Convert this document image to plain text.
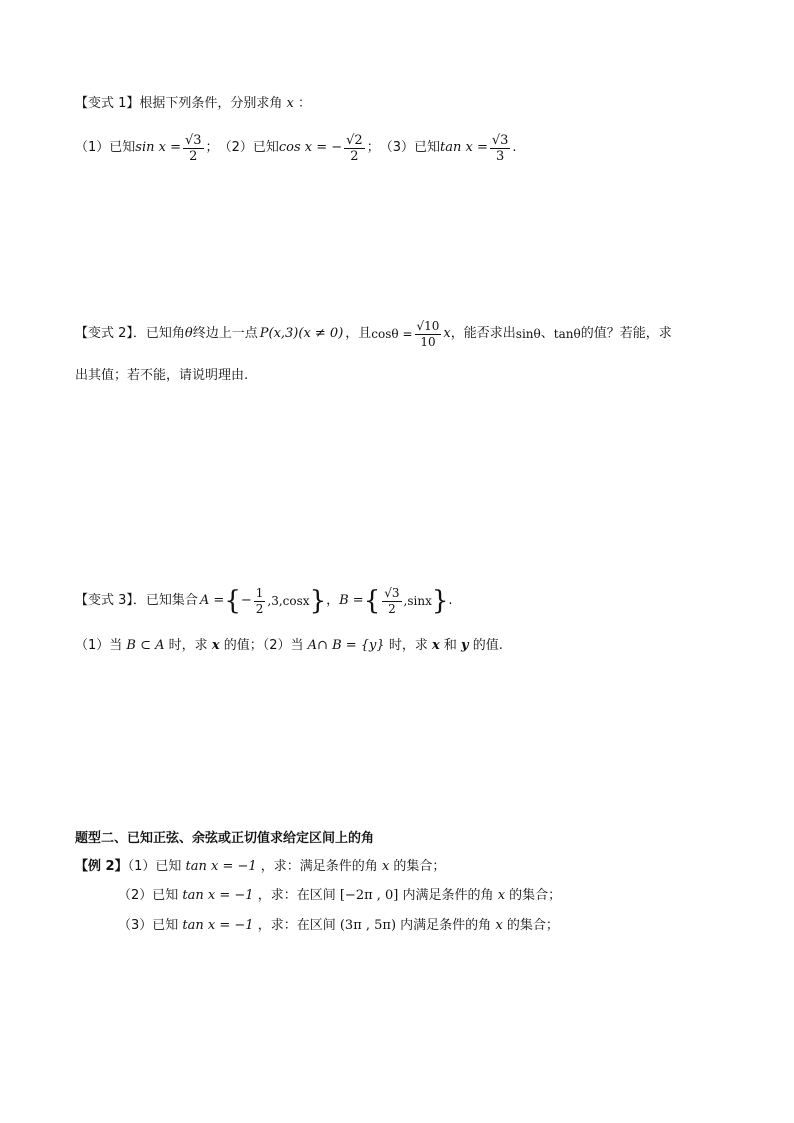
【变式 1】根据下列条件，分别求角 x ：
（1）已知 $\sin x = \frac{√3}{2}$ ； （2）已知 cos x = − $\frac{√2}{2}$ ； （3）已知 $\tan x = \frac{√3}{3}$ .
【变式 2】．已知角 θ 终边上一点 P(x,3)(x ≠ 0) ，且 $\cos\theta = \frac{√10}{10}$ x ，能否求出 sinθ 、 tanθ 的值？若能，求
出其值；若不能，请说明理由.
【变式 3】．已知集合 A = { − $\frac{1}{2} ,3,\cos x$ } ， B = { $\frac{√3}{2} ,\sin x$ } .
（1）当 B ⊂ A 时，求 x 的值；（2）当 A∩ B = {y} 时，求 x 和 y 的值.
题型二、已知正弦、余弦或正切值求给定区间上的角
【例 2】（1）已知 tan x = −1 ，求：满足条件的角 x 的集合；
（2）已知 tan x = −1 ，求：在区间 [−2π , 0] 内满足条件的角 x 的集合；
（3）已知 tan x = −1 ，求：在区间 (3π , 5π) 内满足条件的角 x 的集合；
